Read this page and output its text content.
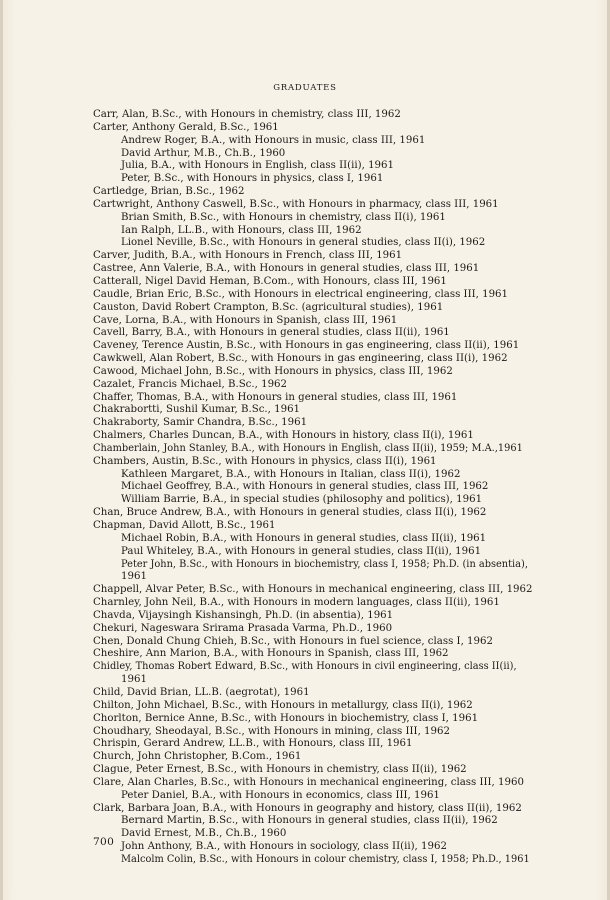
GRADUATES
Carr, Alan, B.Sc., with Honours in chemistry, class III, 1962
Carter, Anthony Gerald, B.Sc., 1961
Andrew Roger, B.A., with Honours in music, class III, 1961
David Arthur, M.B., Ch.B., 1960
Julia, B.A., with Honours in English, class II(ii), 1961
Peter, B.Sc., with Honours in physics, class I, 1961
Cartledge, Brian, B.Sc., 1962
Cartwright, Anthony Caswell, B.Sc., with Honours in pharmacy, class III, 1961
Brian Smith, B.Sc., with Honours in chemistry, class II(i), 1961
Ian Ralph, LL.B., with Honours, class III, 1962
Lionel Neville, B.Sc., with Honours in general studies, class II(i), 1962
Carver, Judith, B.A., with Honours in French, class III, 1961
Castree, Ann Valerie, B.A., with Honours in general studies, class III, 1961
Catterall, Nigel David Heman, B.Com., with Honours, class III, 1961
Caudle, Brian Eric, B.Sc., with Honours in electrical engineering, class III, 1961
Causton, David Robert Crampton, B.Sc. (agricultural studies), 1961
Cave, Lorna, B.A., with Honours in Spanish, class III, 1961
Cavell, Barry, B.A., with Honours in general studies, class II(ii), 1961
Caveney, Terence Austin, B.Sc., with Honours in gas engineering, class II(ii), 1961
Cawkwell, Alan Robert, B.Sc., with Honours in gas engineering, class II(i), 1962
Cawood, Michael John, B.Sc., with Honours in physics, class III, 1962
Cazalet, Francis Michael, B.Sc., 1962
Chaffer, Thomas, B.A., with Honours in general studies, class III, 1961
Chakrabortti, Sushil Kumar, B.Sc., 1961
Chakraborty, Samir Chandra, B.Sc., 1961
Chalmers, Charles Duncan, B.A., with Honours in history, class II(i), 1961
Chamberlain, John Stanley, B.A., with Honours in English, class II(ii), 1959; M.A.,1961
Chambers, Austin, B.Sc., with Honours in physics, class II(i), 1961
Kathleen Margaret, B.A., with Honours in Italian, class II(i), 1962
Michael Geoffrey, B.A., with Honours in general studies, class III, 1962
William Barrie, B.A., in special studies (philosophy and politics), 1961
Chan, Bruce Andrew, B.A., with Honours in general studies, class II(i), 1962
Chapman, David Allott, B.Sc., 1961
Michael Robin, B.A., with Honours in general studies, class II(ii), 1961
Paul Whiteley, B.A., with Honours in general studies, class II(ii), 1961
Peter John, B.Sc., with Honours in biochemistry, class I, 1958; Ph.D. (in absentia),
1961
Chappell, Alvar Peter, B.Sc., with Honours in mechanical engineering, class III, 1962
Charnley, John Neil, B.A., with Honours in modern languages, class II(ii), 1961
Chavda, Vijaysingh Kishansingh, Ph.D. (in absentia), 1961
Chekuri, Nageswara Srirama Prasada Varma, Ph.D., 1960
Chen, Donald Chung Chieh, B.Sc., with Honours in fuel science, class I, 1962
Cheshire, Ann Marion, B.A., with Honours in Spanish, class III, 1962
Chidley, Thomas Robert Edward, B.Sc., with Honours in civil engineering, class II(ii),
1961
Child, David Brian, LL.B. (aegrotat), 1961
Chilton, John Michael, B.Sc., with Honours in metallurgy, class II(i), 1962
Chorlton, Bernice Anne, B.Sc., with Honours in biochemistry, class I, 1961
Choudhary, Sheodayal, B.Sc., with Honours in mining, class III, 1962
Chrispin, Gerard Andrew, LL.B., with Honours, class III, 1961
Church, John Christopher, B.Com., 1961
Clague, Peter Ernest, B.Sc., with Honours in chemistry, class II(ii), 1962
Clare, Alan Charles, B.Sc., with Honours in mechanical engineering, class III, 1960
Peter Daniel, B.A., with Honours in economics, class III, 1961
Clark, Barbara Joan, B.A., with Honours in geography and history, class II(ii), 1962
Bernard Martin, B.Sc., with Honours in general studies, class II(ii), 1962
David Ernest, M.B., Ch.B., 1960
John Anthony, B.A., with Honours in sociology, class II(ii), 1962
Malcolm Colin, B.Sc., with Honours in colour chemistry, class I, 1958; Ph.D., 1961
700
